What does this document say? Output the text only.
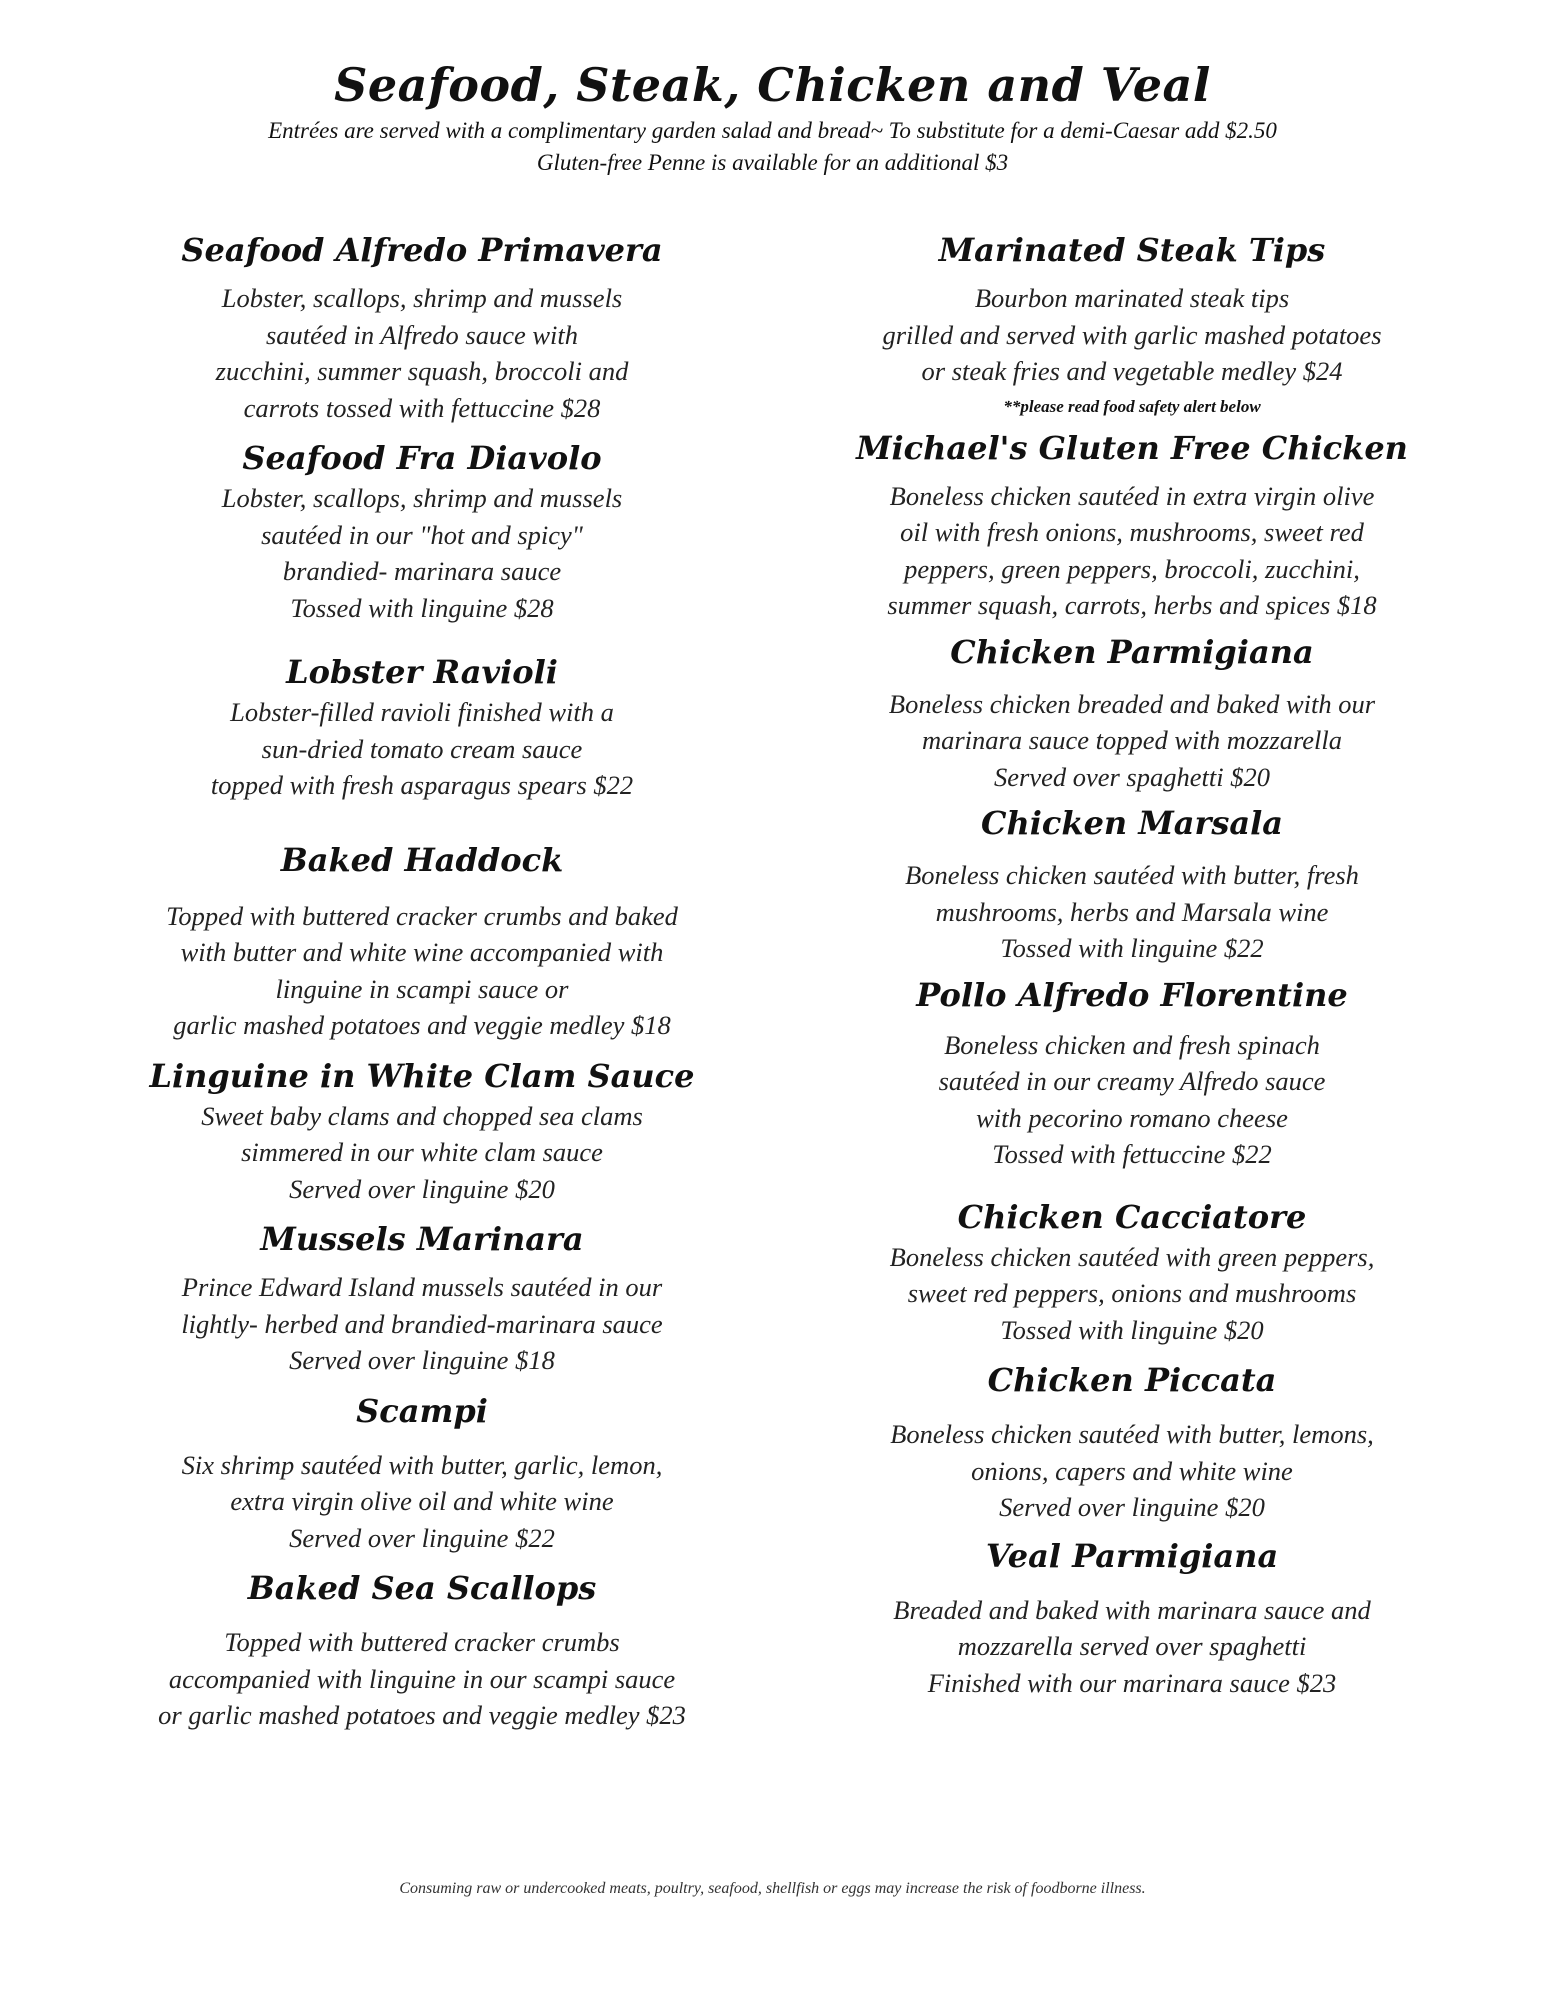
Seafood, Steak, Chicken and Veal

Entrées are served with a complimentary garden salad and bread~ To substitute for a demi-Caesar add $2.50

Gluten-free Penne is available for an additional $3

Seafood Alfredo Primavera
Lobster, scallops, shrimp and mussels
sautéed in Alfredo sauce with
zucchini, summer squash, broccoli and
carrots tossed with fettuccine $28
Seafood Fra Diavolo
Lobster, scallops, shrimp and mussels
sautéed in our "hot and spicy"
brandied- marinara sauce
Tossed with linguine $28
Lobster Ravioli
Lobster-filled ravioli finished with a
sun-dried tomato cream sauce
topped with fresh asparagus spears $22
Baked Haddock
Topped with buttered cracker crumbs and baked
with butter and white wine accompanied with
linguine in scampi sauce or
garlic mashed potatoes and veggie medley $18
Linguine in White Clam Sauce
Sweet baby clams and chopped sea clams
simmered in our white clam sauce
Served over linguine $20
Mussels Marinara
Prince Edward Island mussels sautéed in our
lightly- herbed and brandied-marinara sauce
Served over linguine $18
Scampi
Six shrimp sautéed with butter, garlic, lemon,
extra virgin olive oil and white wine
Served over linguine $22
Baked Sea Scallops
Topped with buttered cracker crumbs
accompanied with linguine in our scampi sauce
or garlic mashed potatoes and veggie medley $23
Marinated Steak Tips
Bourbon marinated steak tips
grilled and served with garlic mashed potatoes
or steak fries and vegetable medley $24
**please read food safety alert below
Michael's Gluten Free Chicken
Boneless chicken sautéed in extra virgin olive
oil with fresh onions, mushrooms, sweet red
peppers, green peppers, broccoli, zucchini,
summer squash, carrots, herbs and spices $18
Chicken Parmigiana
Boneless chicken breaded and baked with our
marinara sauce topped with mozzarella
Served over spaghetti $20
Chicken Marsala
Boneless chicken sautéed with butter, fresh
mushrooms, herbs and Marsala wine
Tossed with linguine $22
Pollo Alfredo Florentine
Boneless chicken and fresh spinach
sautéed in our creamy Alfredo sauce
with pecorino romano cheese
Tossed with fettuccine $22
Chicken Cacciatore
Boneless chicken sautéed with green peppers,
sweet red peppers, onions and mushrooms
Tossed with linguine $20
Chicken Piccata
Boneless chicken sautéed with butter, lemons,
onions, capers and white wine
Served over linguine $20
Veal Parmigiana
Breaded and baked with marinara sauce and
mozzarella served over spaghetti
Finished with our marinara sauce $23
Consuming raw or undercooked meats, poultry, seafood, shellfish or eggs may increase the risk of foodborne illness.
